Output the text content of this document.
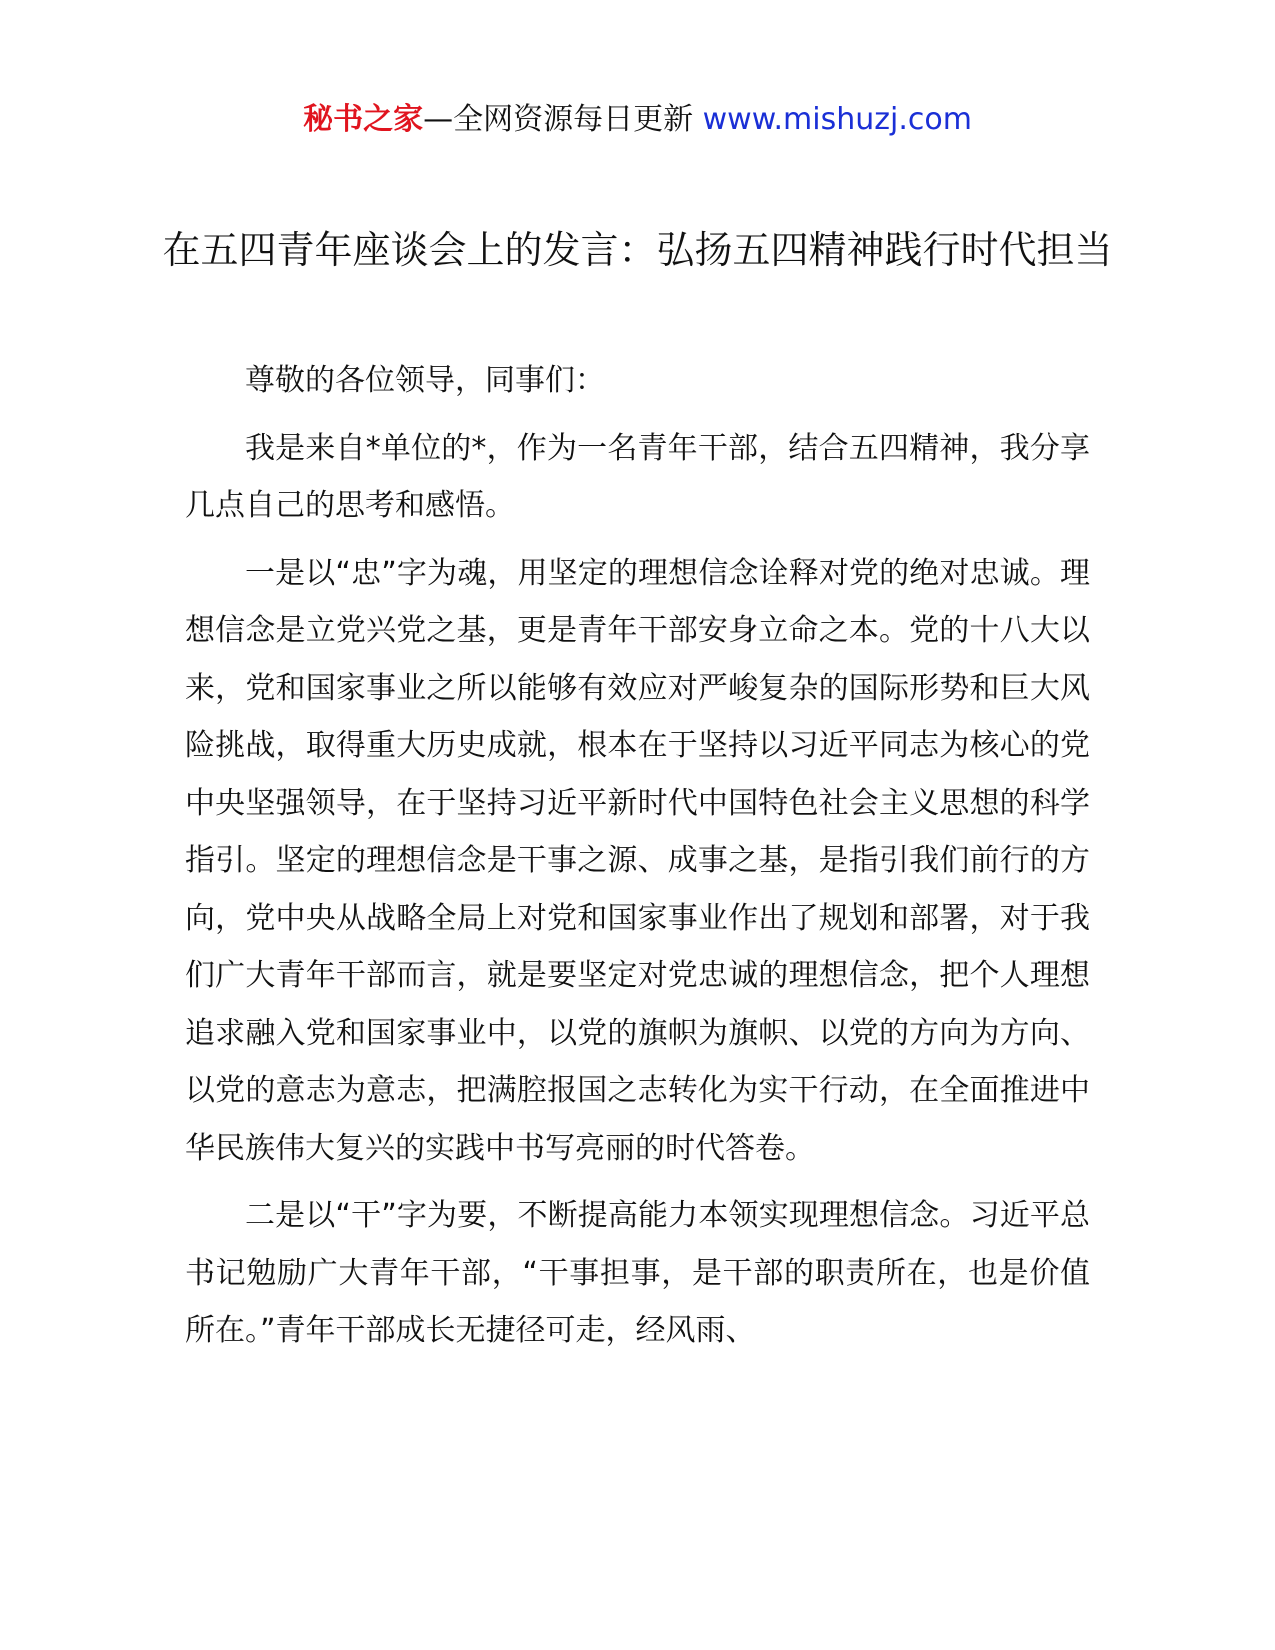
秘书之家—全网资源每日更新 www.mishuzj.com
在五四青年座谈会上的发言：弘扬五四精神践行时代担当

尊敬的各位领导，同事们：

我是来自*单位的*，作为一名青年干部，结合五四精神，我分享几点自己的思考和感悟。

一是以“忠”字为魂，用坚定的理想信念诠释对党的绝对忠诚。理想信念是立党兴党之基，更是青年干部安身立命之本。党的十八大以来，党和国家事业之所以能够有效应对严峻复杂的国际形势和巨大风险挑战，取得重大历史成就，根本在于坚持以习近平同志为核心的党中央坚强领导，在于坚持习近平新时代中国特色社会主义思想的科学指引。坚定的理想信念是干事之源、成事之基，是指引我们前行的方向，党中央从战略全局上对党和国家事业作出了规划和部署，对于我们广大青年干部而言，就是要坚定对党忠诚的理想信念，把个人理想追求融入党和国家事业中，以党的旗帜为旗帜、以党的方向为方向、以党的意志为意志，把满腔报国之志转化为实干行动，在全面推进中华民族伟大复兴的实践中书写亮丽的时代答卷。

二是以“干”字为要，不断提高能力本领实现理想信念。习近平总书记勉励广大青年干部，“干事担事，是干部的职责所在，也是价值所在。”青年干部成长无捷径可走，经风雨、
